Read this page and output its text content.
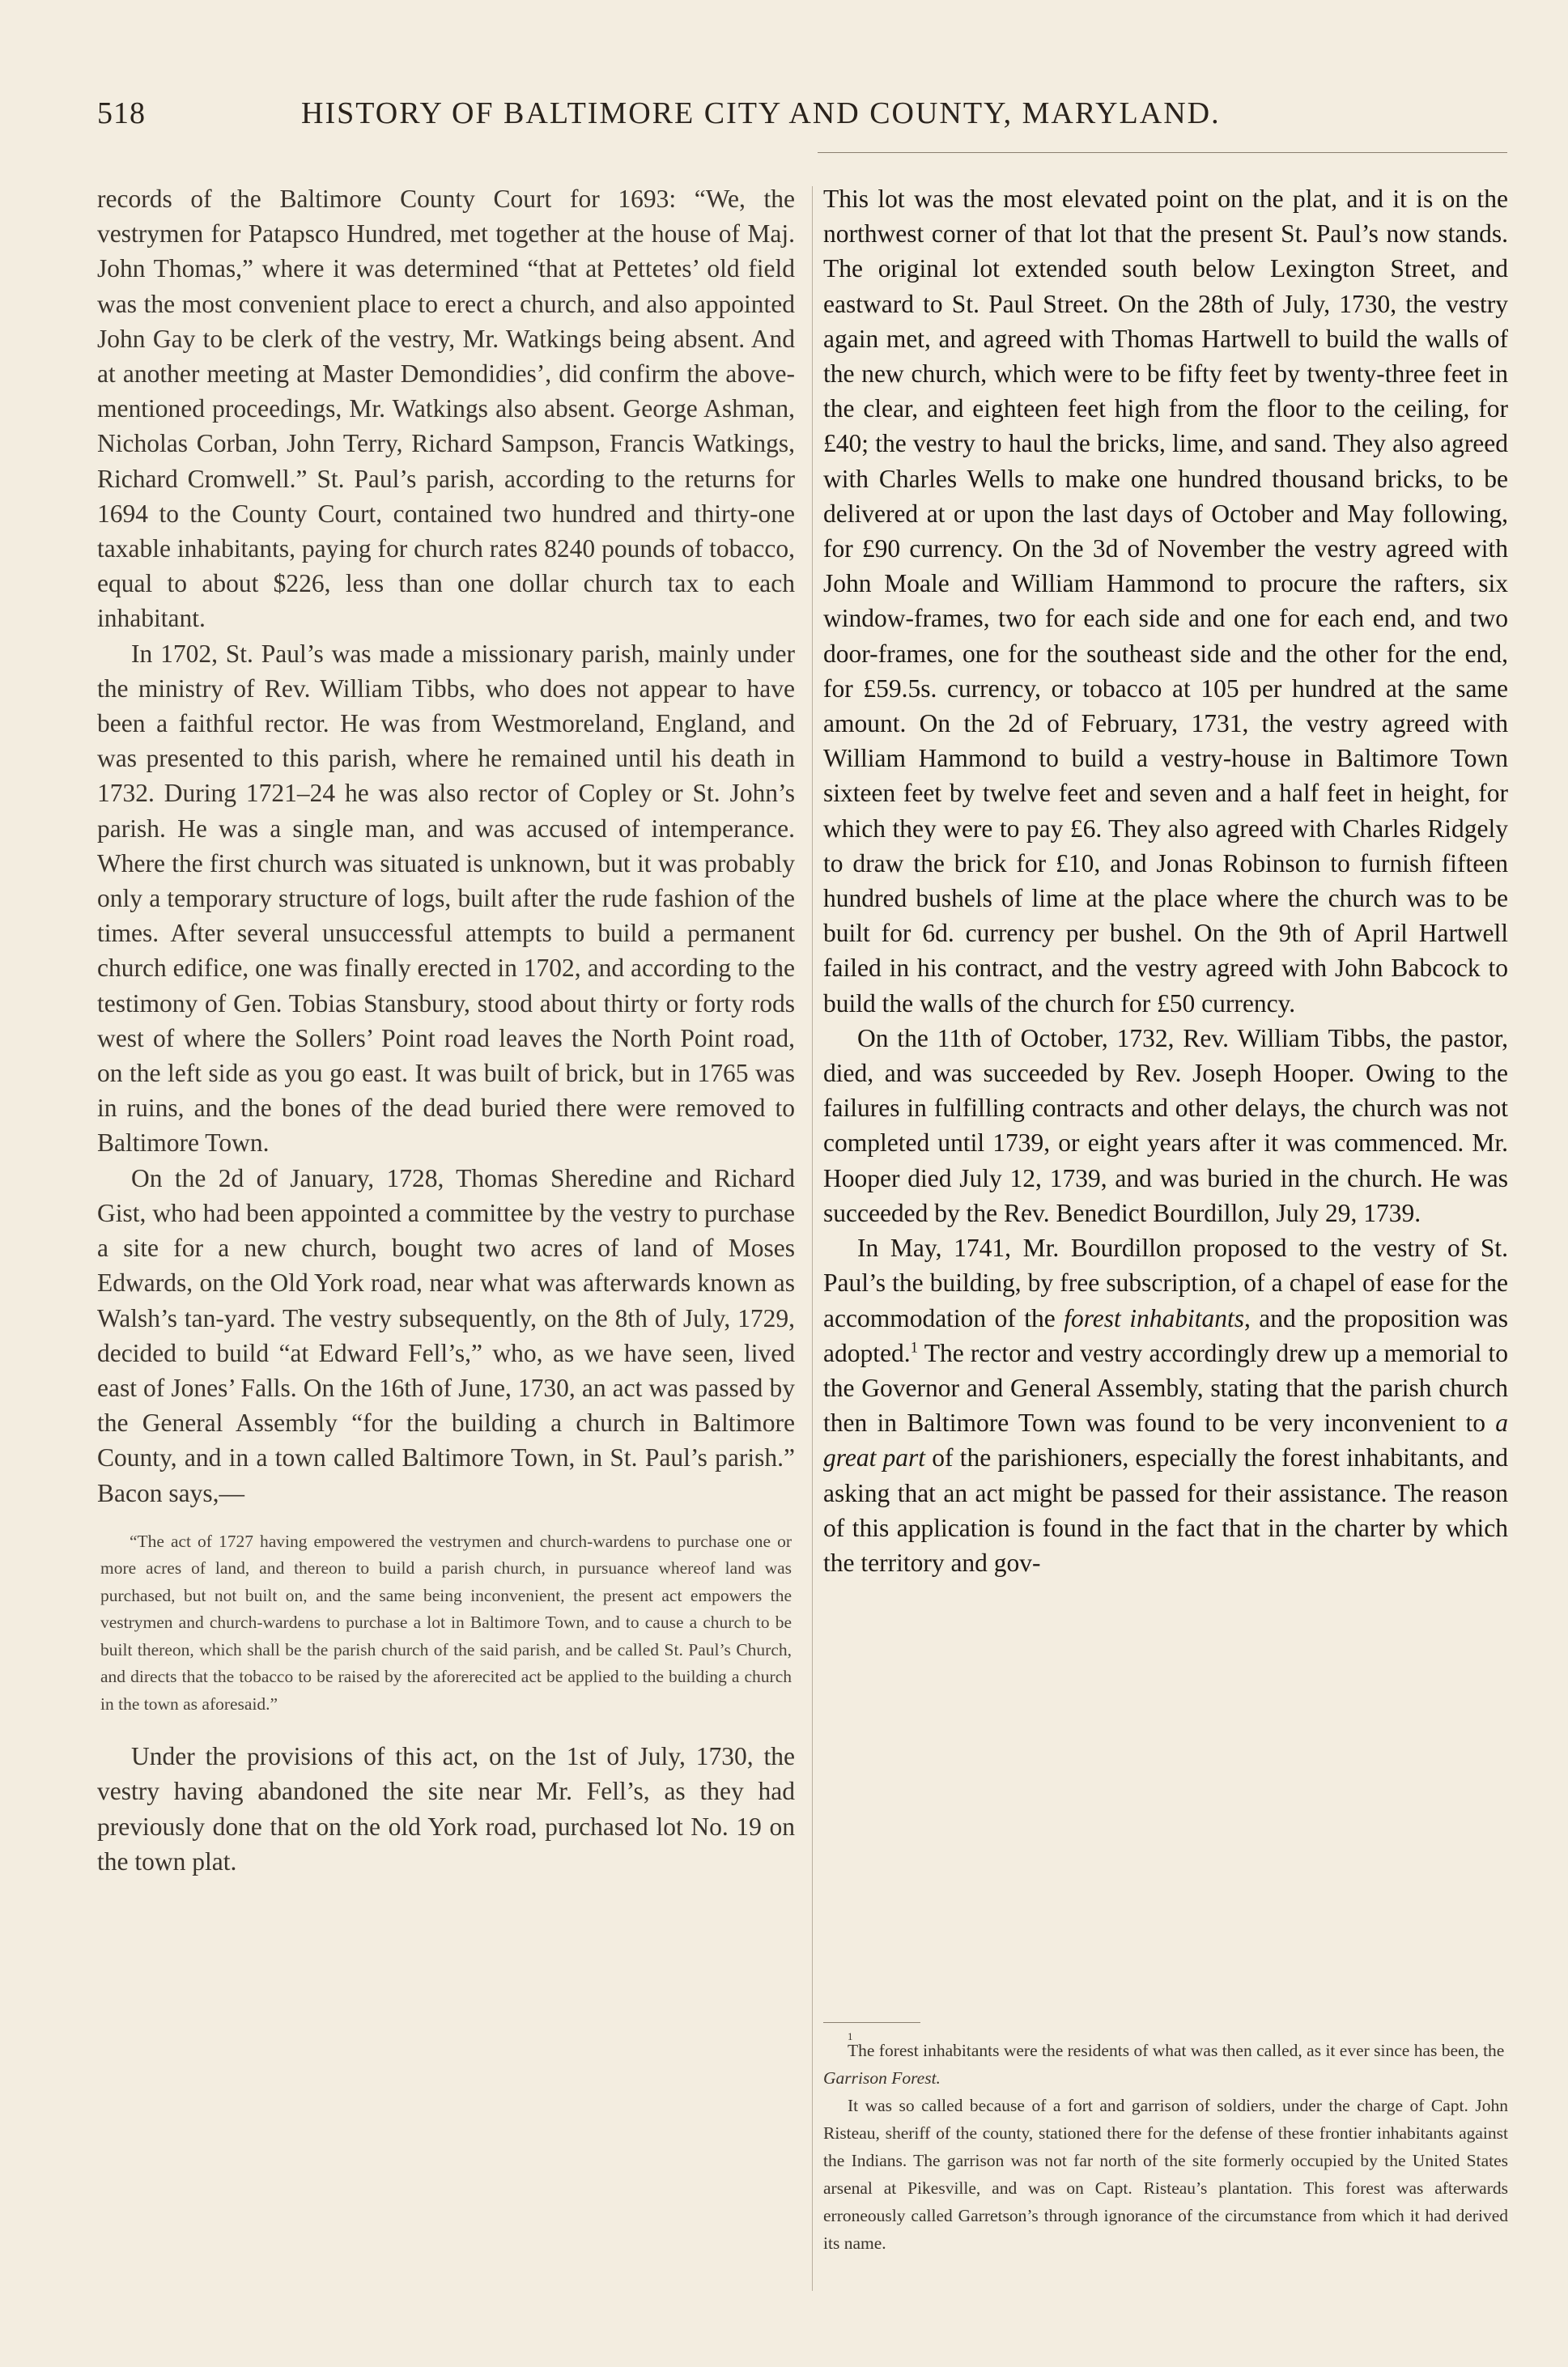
518	HISTORY OF BALTIMORE CITY AND COUNTY, MARYLAND.

records of the Baltimore County Court for 1693: “We, the vestrymen for Patapsco Hundred, met together at the house of Maj. John Thomas,” where it was determined “that at Pettetes’ old field was the most convenient place to erect a church, and also appointed John Gay to be clerk of the vestry, Mr. Watkings being absent. And at another meeting at Master Demondidies’, did confirm the above-mentioned proceedings, Mr. Watkings also absent. George Ashman, Nicholas Corban, John Terry, Richard Sampson, Francis Watkings, Richard Cromwell.” St. Paul’s parish, according to the returns for 1694 to the County Court, contained two hundred and thirty-one taxable inhabitants, paying for church rates 8240 pounds of tobacco, equal to about $226, less than one dollar church tax to each inhabitant.

In 1702, St. Paul’s was made a missionary parish, mainly under the ministry of Rev. William Tibbs, who does not appear to have been a faithful rector. He was from Westmoreland, England, and was presented to this parish, where he remained until his death in 1732. During 1721–24 he was also rector of Copley or St. John’s parish. He was a single man, and was accused of intemperance. Where the first church was situated is unknown, but it was probably only a temporary structure of logs, built after the rude fashion of the times. After several unsuccessful attempts to build a permanent church edifice, one was finally erected in 1702, and according to the testimony of Gen. Tobias Stansbury, stood about thirty or forty rods west of where the Sollers’ Point road leaves the North Point road, on the left side as you go east. It was built of brick, but in 1765 was in ruins, and the bones of the dead buried there were removed to Baltimore Town.

On the 2d of January, 1728, Thomas Sheredine and Richard Gist, who had been appointed a committee by the vestry to purchase a site for a new church, bought two acres of land of Moses Edwards, on the Old York road, near what was afterwards known as Walsh’s tan-yard. The vestry subsequently, on the 8th of July, 1729, decided to build “at Edward Fell’s,” who, as we have seen, lived east of Jones’ Falls. On the 16th of June, 1730, an act was passed by the General Assembly “for the building a church in Baltimore County, and in a town called Baltimore Town, in St. Paul’s parish.” Bacon says,—

“The act of 1727 having empowered the vestrymen and church-wardens to purchase one or more acres of land, and thereon to build a parish church, in pursuance whereof land was purchased, but not built on, and the same being inconvenient, the present act empowers the vestrymen and church-wardens to purchase a lot in Baltimore Town, and to cause a church to be built thereon, which shall be the parish church of the said parish, and be called St. Paul’s Church, and directs that the tobacco to be raised by the aforerecited act be applied to the building a church in the town as aforesaid.”

Under the provisions of this act, on the 1st of July, 1730, the vestry having abandoned the site near Mr. Fell’s, as they had previously done that on the old York road, purchased lot No. 19 on the town plat.

This lot was the most elevated point on the plat, and it is on the northwest corner of that lot that the present St. Paul’s now stands. The original lot extended south below Lexington Street, and eastward to St. Paul Street. On the 28th of July, 1730, the vestry again met, and agreed with Thomas Hartwell to build the walls of the new church, which were to be fifty feet by twenty-three feet in the clear, and eighteen feet high from the floor to the ceiling, for £40; the vestry to haul the bricks, lime, and sand. They also agreed with Charles Wells to make one hundred thousand bricks, to be delivered at or upon the last days of October and May following, for £90 currency. On the 3d of November the vestry agreed with John Moale and William Hammond to procure the rafters, six window-frames, two for each side and one for each end, and two door-frames, one for the southeast side and the other for the end, for £59.5s. currency, or tobacco at 105 per hundred at the same amount. On the 2d of February, 1731, the vestry agreed with William Hammond to build a vestry-house in Baltimore Town sixteen feet by twelve feet and seven and a half feet in height, for which they were to pay £6. They also agreed with Charles Ridgely to draw the brick for £10, and Jonas Robinson to furnish fifteen hundred bushels of lime at the place where the church was to be built for 6d. currency per bushel. On the 9th of April Hartwell failed in his contract, and the vestry agreed with John Babcock to build the walls of the church for £50 currency.

On the 11th of October, 1732, Rev. William Tibbs, the pastor, died, and was succeeded by Rev. Joseph Hooper. Owing to the failures in fulfilling contracts and other delays, the church was not completed until 1739, or eight years after it was commenced. Mr. Hooper died July 12, 1739, and was buried in the church. He was succeeded by the Rev. Benedict Bourdillon, July 29, 1739.

In May, 1741, Mr. Bourdillon proposed to the vestry of St. Paul’s the building, by free subscription, of a chapel of ease for the accommodation of the forest inhabitants, and the proposition was adopted.$^1$ The rector and vestry accordingly drew up a memorial to the Governor and General Assembly, stating that the parish church then in Baltimore Town was found to be very inconvenient to a great part of the parishioners, especially the forest inhabitants, and asking that an act might be passed for their assistance. The reason of this application is found in the fact that in the charter by which the territory and gov-

1
The forest inhabitants were the residents of what was then called, as it ever since has been, the
Garrison Forest.
It was so called because of a fort and garrison of soldiers, under the charge of Capt. John Risteau, sheriff of the county, stationed there for the defense of these frontier inhabitants against the Indians. The garrison was not far north of the site formerly occupied by the United States arsenal at Pikesville, and was on Capt. Risteau’s plantation. This forest was afterwards erroneously called Garretson’s through ignorance of the circumstance from which it had derived its name.
